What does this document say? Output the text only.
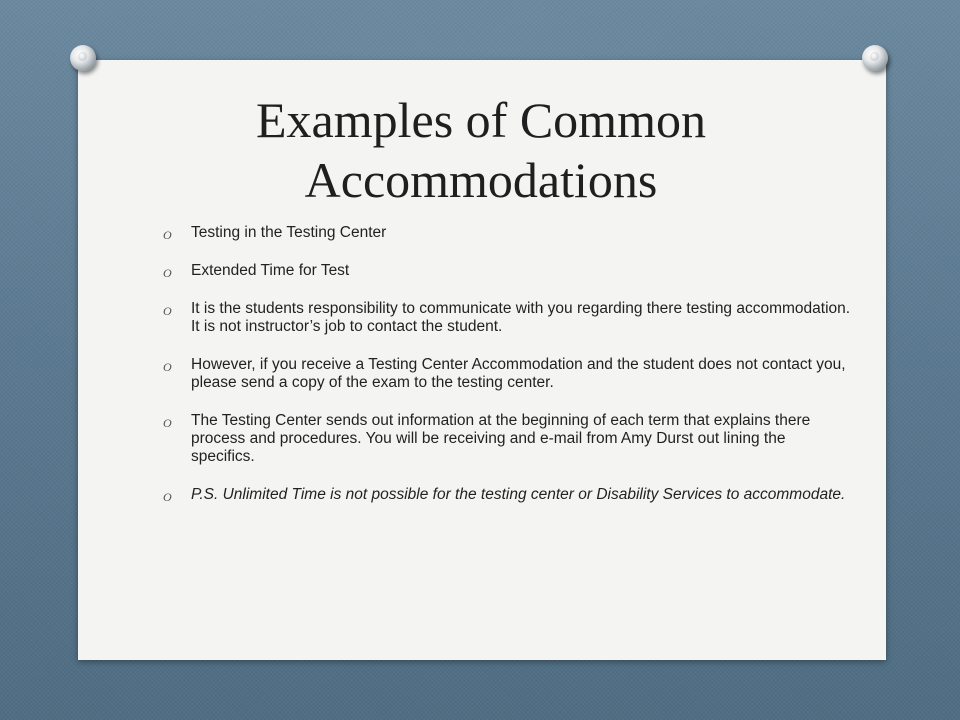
Examples of Common Accommodations
O Testing in the Testing Center
O Extended Time for Test
O It is the students responsibility to communicate with you regarding there testing accommodation. It is not instructor’s job to contact the student.
O However, if you receive a Testing Center Accommodation and the student does not contact you, please send a copy of the exam to the testing center.
O The Testing Center sends out information at the beginning of each term that explains there process and procedures. You will be receiving and e-mail from Amy Durst out lining the specifics.
O P.S. Unlimited Time is not possible for the testing center or Disability Services to accommodate.
